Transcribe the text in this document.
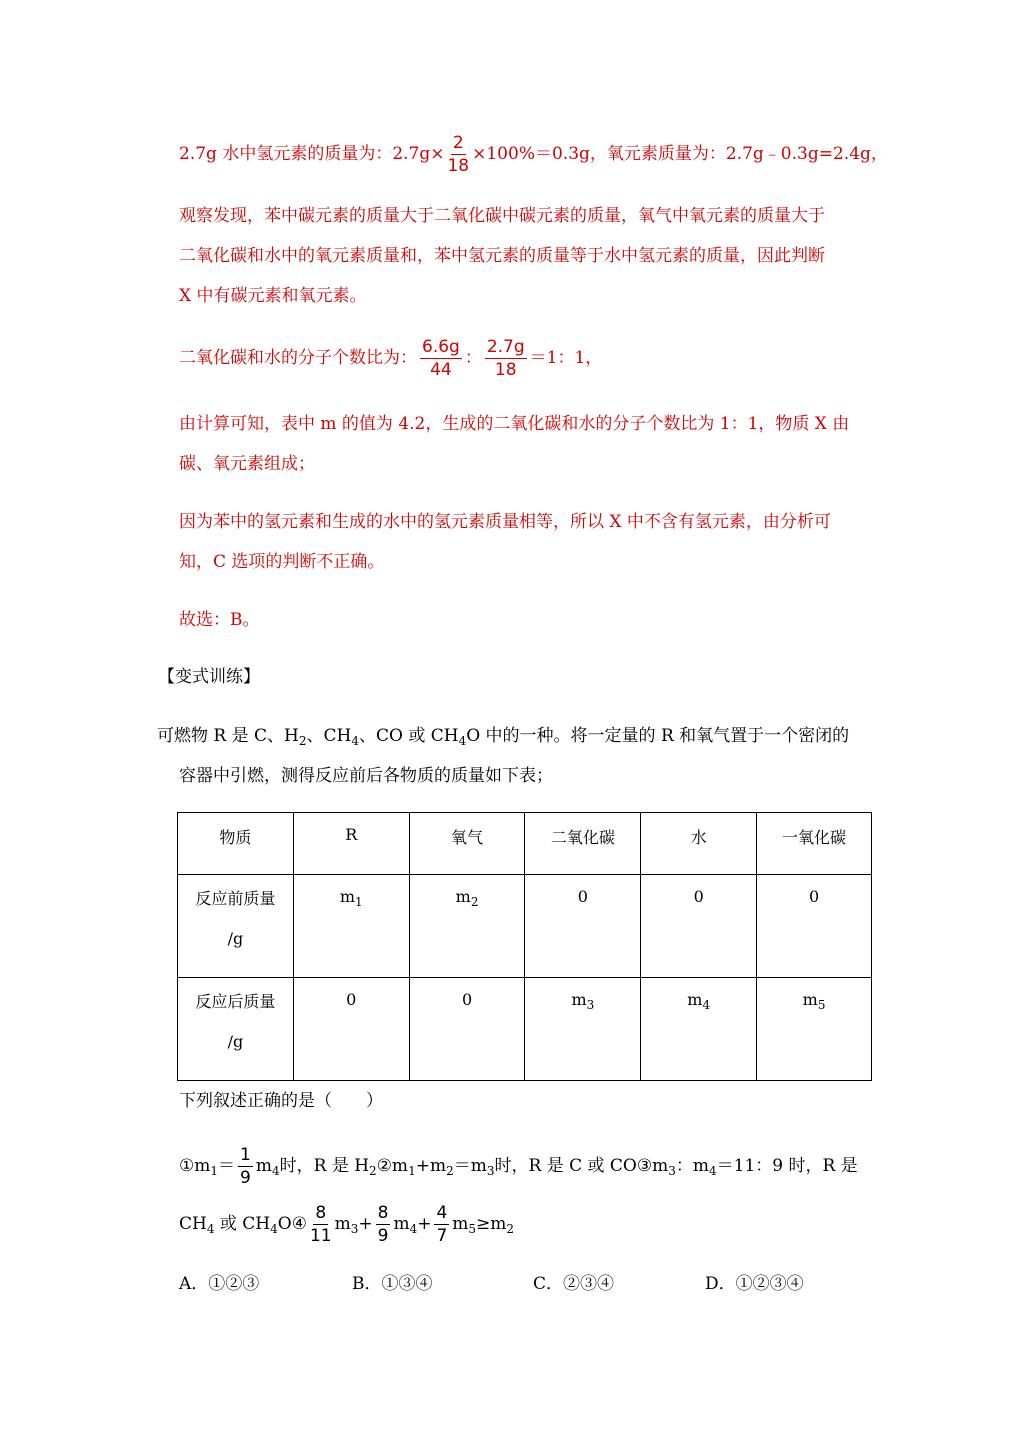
2.7g 水中氢元素的质量为：$2.7g\times \frac{2}{18} \times 100\%=0.3g$，氧元素质量为：2.7g﹣0.3g=2.4g，
观察发现，苯中碳元素的质量大于二氧化碳中碳元素的质量，氧气中氧元素的质量大于
二氧化碳和水中的氧元素质量和，苯中氢元素的质量等于水中氢元素的质量，因此判断
X 中有碳元素和氧元素。
二氧化碳和水的分子个数比为： $\frac{6.6g}{44}$ ： $\frac{2.7g}{18} =1$：1，
由计算可知，表中 m 的值为 4.2，生成的二氧化碳和水的分子个数比为 1：1，物质 X 由
碳、氧元素组成；
因为苯中的氢元素和生成的水中的氢元素质量相等，所以 X 中不含有氢元素，由分析可
知，C 选项的判断不正确。
故选：B。
【变式训练】
可燃物 R 是 C、$H_2$、$CH_4$、CO 或 $CH_4O$ 中的一种。将一定量的 R 和氧气置于一个密闭的
容器中引燃，测得反应前后各物质的质量如下表；
物质	R	氧气	二氧化碳	水	一氧化碳
反应前质量
/g	$m_1$	$m_2$	0	0	0
反应后质量
/g	0	0	$m_3$	$m_4$	$m_5$
下列叙述正确的是（　　）
$①m_1= \frac{1}{9} m_4$时，R 是 $H_2②m_1+m_2=m_3$时，R 是 C 或 $CO③m_3$：$m_4=11$：9 时，R 是
$CH_4$ 或 $CH_4O④ \frac{8}{11} m_3+ \frac{8}{9} m_4+ \frac{4}{7} m_5\ge m_2$
A．①②③	B．①③④	C．②③④	D．①②③④
